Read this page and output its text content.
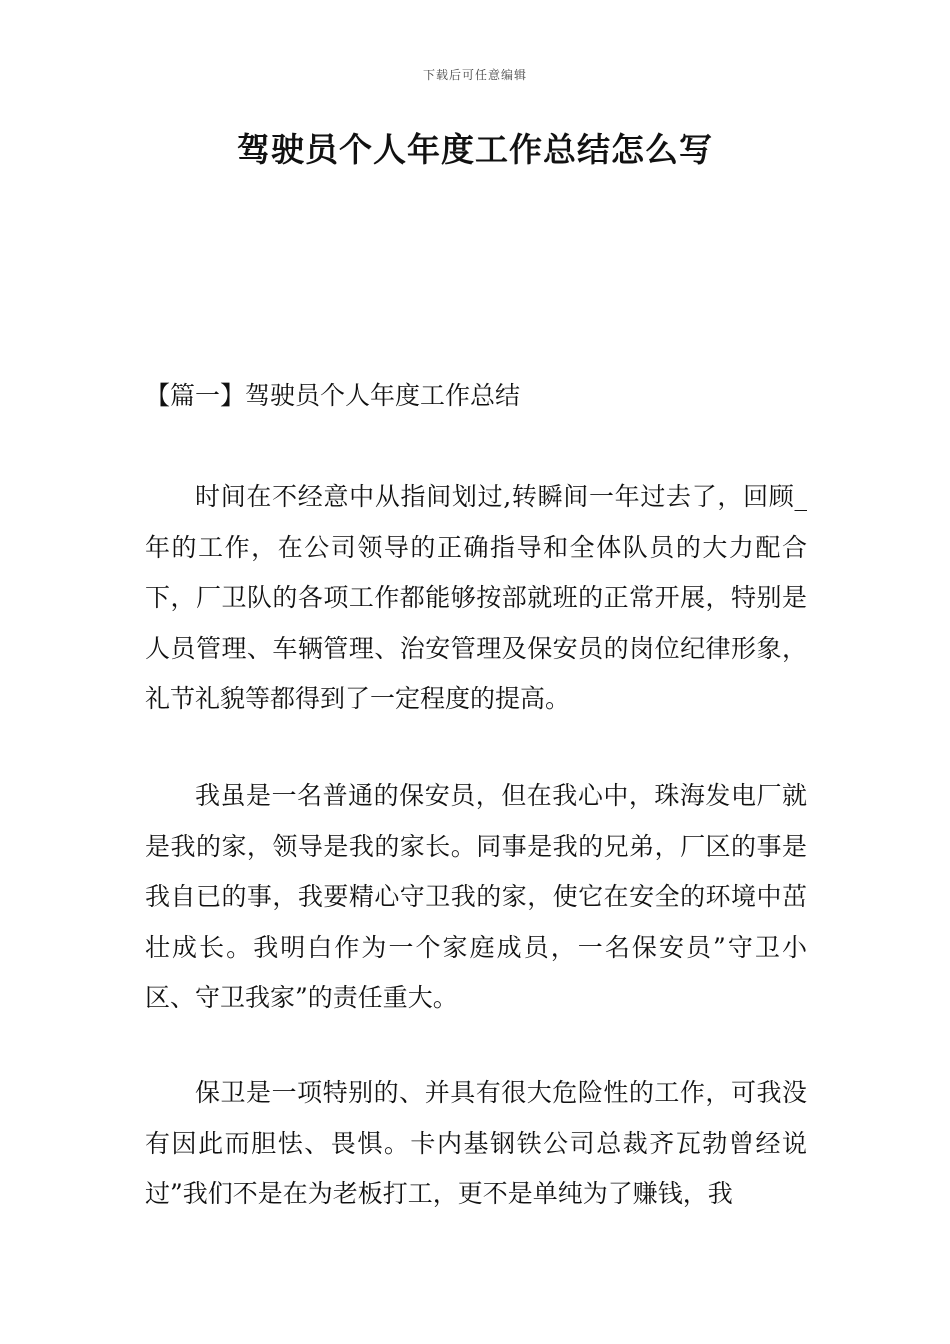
下载后可任意编辑
驾驶员个人年度工作总结怎么写
【篇一】驾驶员个人年度工作总结

时间在不经意中从指间划过,转瞬间一年过去了，回顾_年的工作，在公司领导的正确指导和全体队员的大力配合下，厂卫队的各项工作都能够按部就班的正常开展，特别是人员管理、车辆管理、治安管理及保安员的岗位纪律形象，礼节礼貌等都得到了一定程度的提高。

我虽是一名普通的保安员，但在我心中，珠海发电厂就是我的家，领导是我的家长。同事是我的兄弟，厂区的事是我自已的事，我要精心守卫我的家，使它在安全的环境中茁壮成长。我明白作为一个家庭成员，一名保安员”守卫小区、守卫我家”的责任重大。

保卫是一项特别的、并具有很大危险性的工作，可我没有因此而胆怯、畏惧。卡内基钢铁公司总裁齐瓦勃曾经说过”我们不是在为老板打工，更不是单纯为了赚钱，我
